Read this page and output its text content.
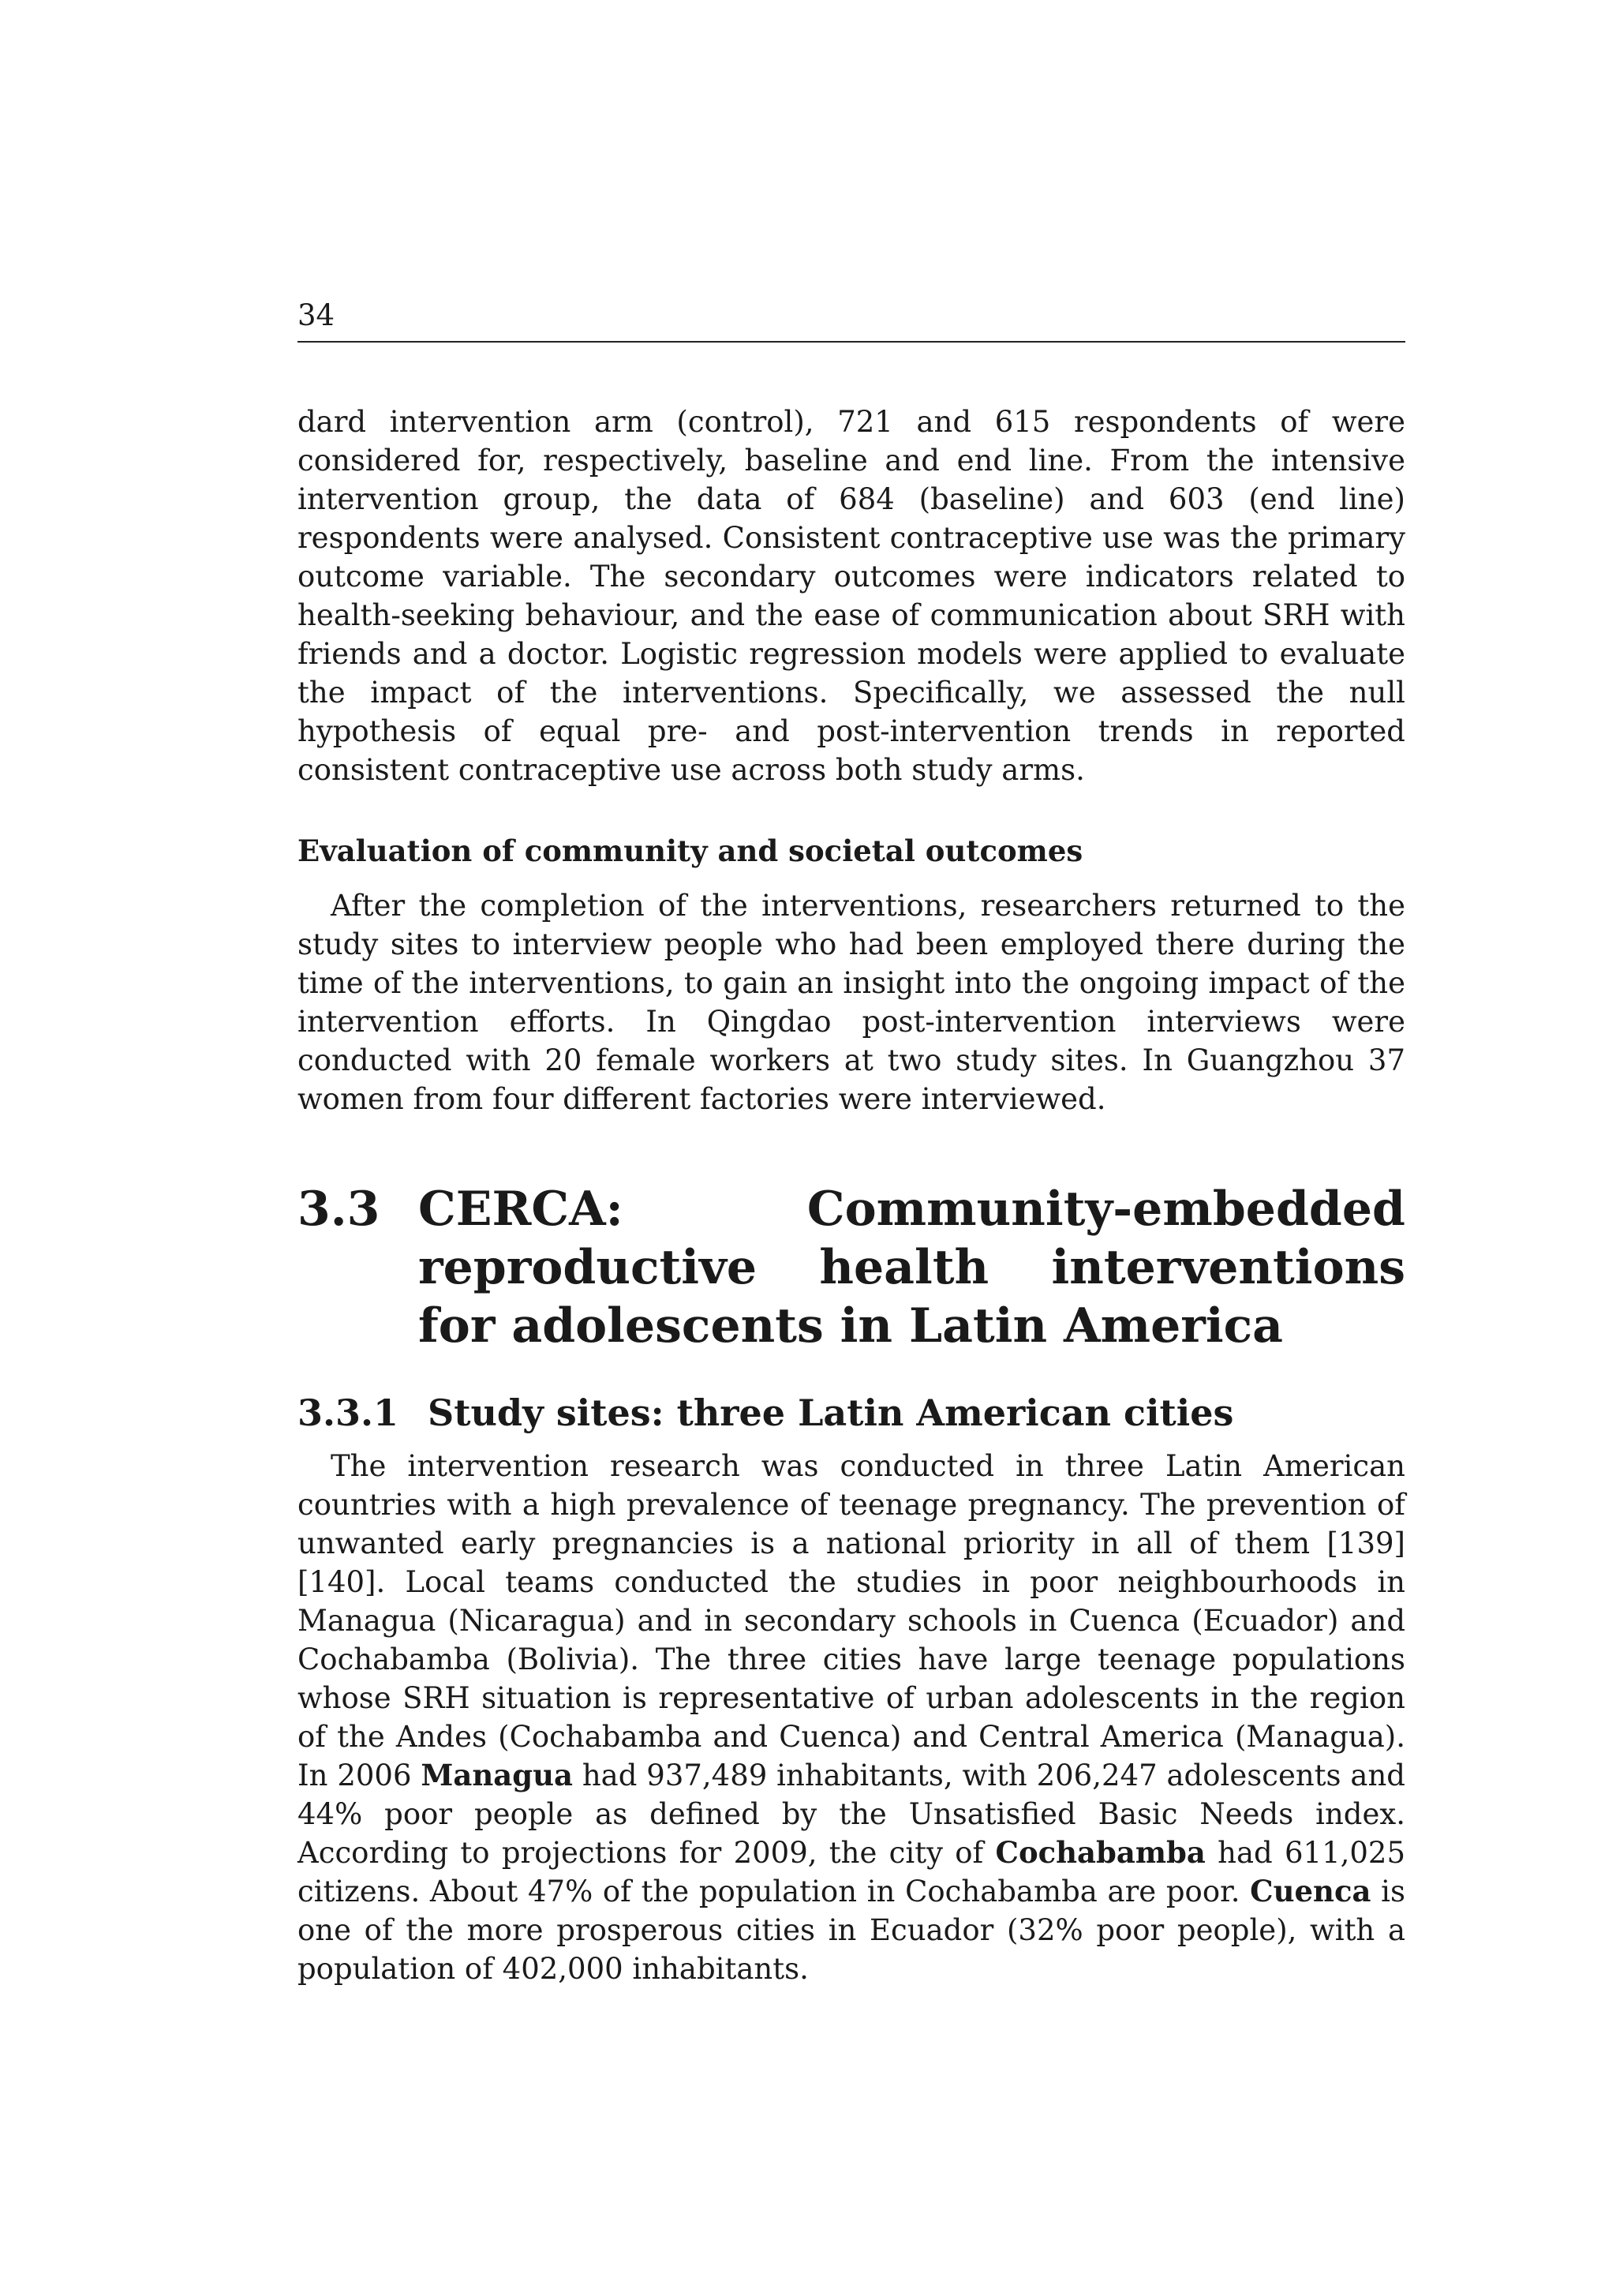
34

dard intervention arm (control), 721 and 615 respondents of were considered for, respectively, baseline and end line. From the intensive intervention group, the data of 684 (baseline) and 603 (end line) respondents were analysed. Consistent contraceptive use was the primary outcome variable. The secondary outcomes were indicators related to health-seeking behaviour, and the ease of communication about SRH with friends and a doctor. Logistic regression models were applied to evaluate the impact of the interventions. Specifically, we assessed the null hypothesis of equal pre- and post-intervention trends in reported consistent contraceptive use across both study arms.

Evaluation of community and societal outcomes

After the completion of the interventions, researchers returned to the study sites to interview people who had been employed there during the time of the interventions, to gain an insight into the ongoing impact of the intervention efforts. In Qingdao post-intervention interviews were conducted with 20 female workers at two study sites. In Guangzhou 37 women from four different factories were interviewed.

3.3 CERCA: Community-embedded reproductive health interventions for adolescents in Latin America
3.3.1 Study sites: three Latin American cities

The intervention research was conducted in three Latin American countries with a high prevalence of teenage pregnancy. The prevention of unwanted early pregnancies is a national priority in all of them [139][140]. Local teams conducted the studies in poor neighbourhoods in Managua (Nicaragua) and in secondary schools in Cuenca (Ecuador) and Cochabamba (Bolivia). The three cities have large teenage populations whose SRH situation is representative of urban adolescents in the region of the Andes (Cochabamba and Cuenca) and Central America (Managua). In 2006 Managua had 937,489 inhabitants, with 206,247 adolescents and 44% poor people as defined by the Unsatisfied Basic Needs index. According to projections for 2009, the city of Cochabamba had 611,025 citizens. About 47% of the population in Cochabamba are poor. Cuenca is one of the more prosperous cities in Ecuador (32% poor people), with a population of 402,000 inhabitants.
